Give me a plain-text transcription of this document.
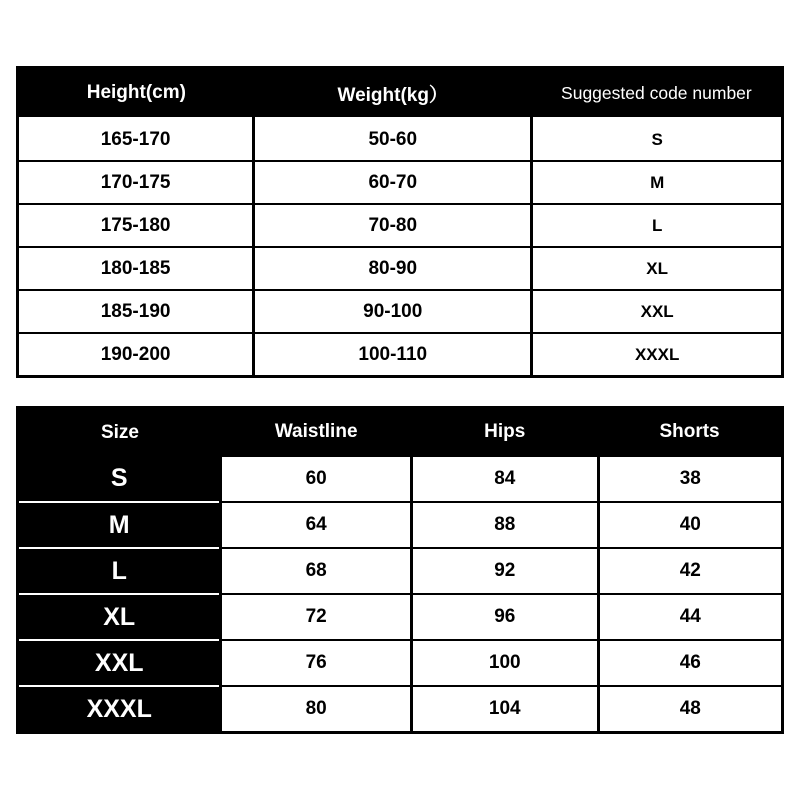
Height(cm)	Weight(kg）	Suggested code number
165-170	50-60	S
170-175	60-70	M
175-180	70-80	L
180-185	80-90	XL
185-190	90-100	XXL
190-200	100-110	XXXL
Size	Waistline	Hips	Shorts
S	60	84	38
M	64	88	40
L	68	92	42
XL	72	96	44
XXL	76	100	46
XXXL	80	104	48
